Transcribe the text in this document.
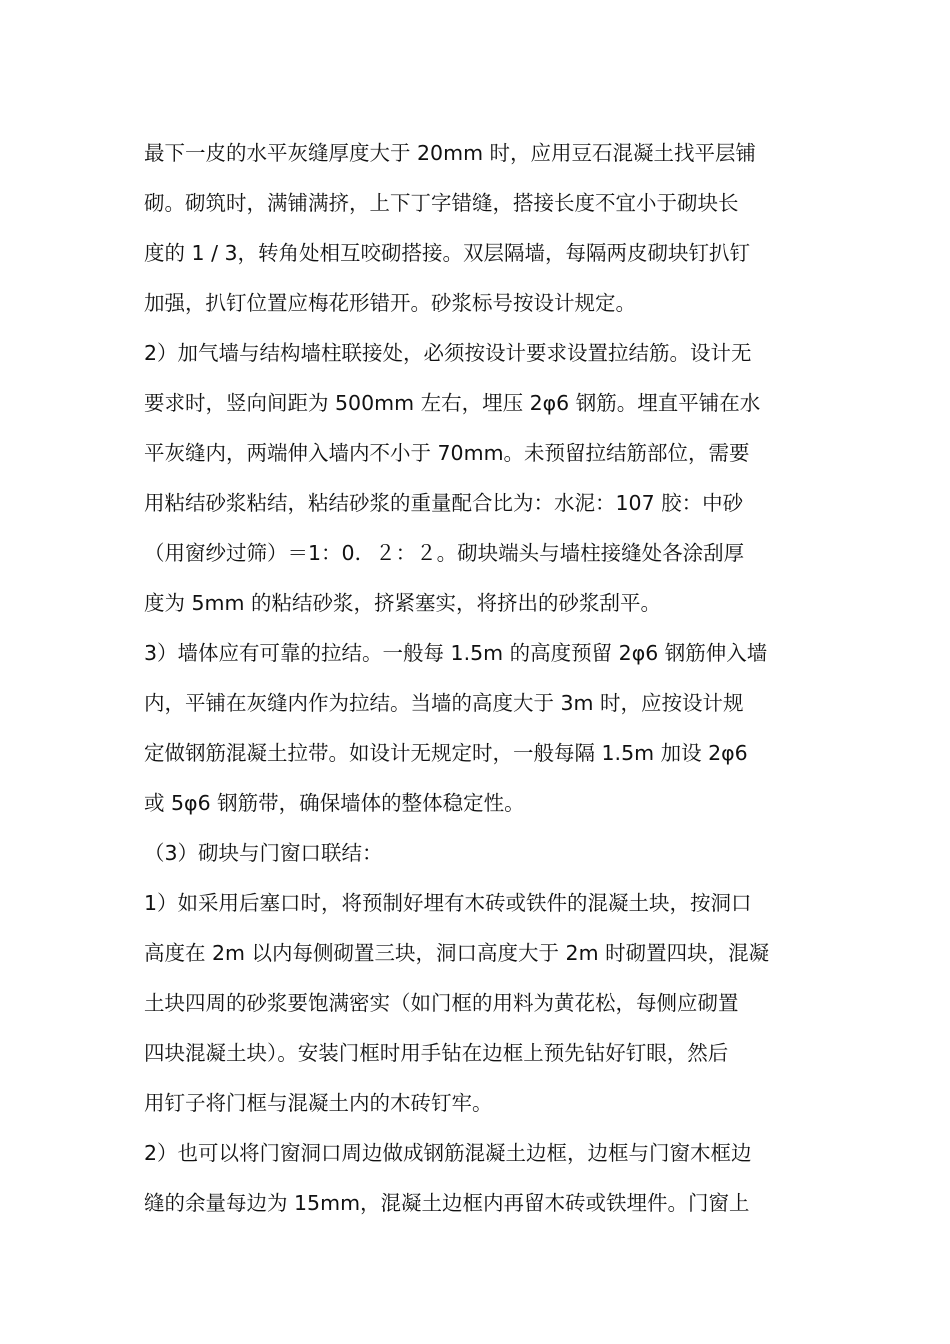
最下一皮的水平灰缝厚度大于 20mm 时，应用豆石混凝土找平层铺
砌。砌筑时，满铺满挤，上下丁字错缝，搭接长度不宜小于砌块长
度的 1 / 3，转角处相互咬砌搭接。双层隔墙，每隔两皮砌块钉扒钉
加强，扒钉位置应梅花形错开。砂浆标号按设计规定。
2）加气墙与结构墙柱联接处，必须按设计要求设置拉结筋。设计无
要求时，竖向间距为 500mm 左右，埋压 2φ6 钢筋。埋直平铺在水
平灰缝内，两端伸入墙内不小于 70mm。未预留拉结筋部位，需要
用粘结砂浆粘结，粘结砂浆的重量配合比为：水泥：107 胶：中砂
（用窗纱过筛）＝1：0．２：２。砌块端头与墙柱接缝处各涂刮厚
度为 5mm 的粘结砂浆，挤紧塞实，将挤出的砂浆刮平。
3）墙体应有可靠的拉结。一般每 1.5m 的高度预留 2φ6 钢筋伸入墙
内，平铺在灰缝内作为拉结。当墙的高度大于 3m 时，应按设计规
定做钢筋混凝土拉带。如设计无规定时，一般每隔 1.5m 加设 2φ6
或 5φ6 钢筋带，确保墙体的整体稳定性。
（3）砌块与门窗口联结：
1）如采用后塞口时，将预制好埋有木砖或铁件的混凝土块，按洞口
高度在 2m 以内每侧砌置三块，洞口高度大于 2m 时砌置四块，混凝
土块四周的砂浆要饱满密实（如门框的用料为黄花松，每侧应砌置
四块混凝土块）。安装门框时用手钻在边框上预先钻好钉眼，然后
用钉子将门框与混凝土内的木砖钉牢。
2）也可以将门窗洞口周边做成钢筋混凝土边框，边框与门窗木框边
缝的余量每边为 15mm，混凝土边框内再留木砖或铁埋件。门窗上
